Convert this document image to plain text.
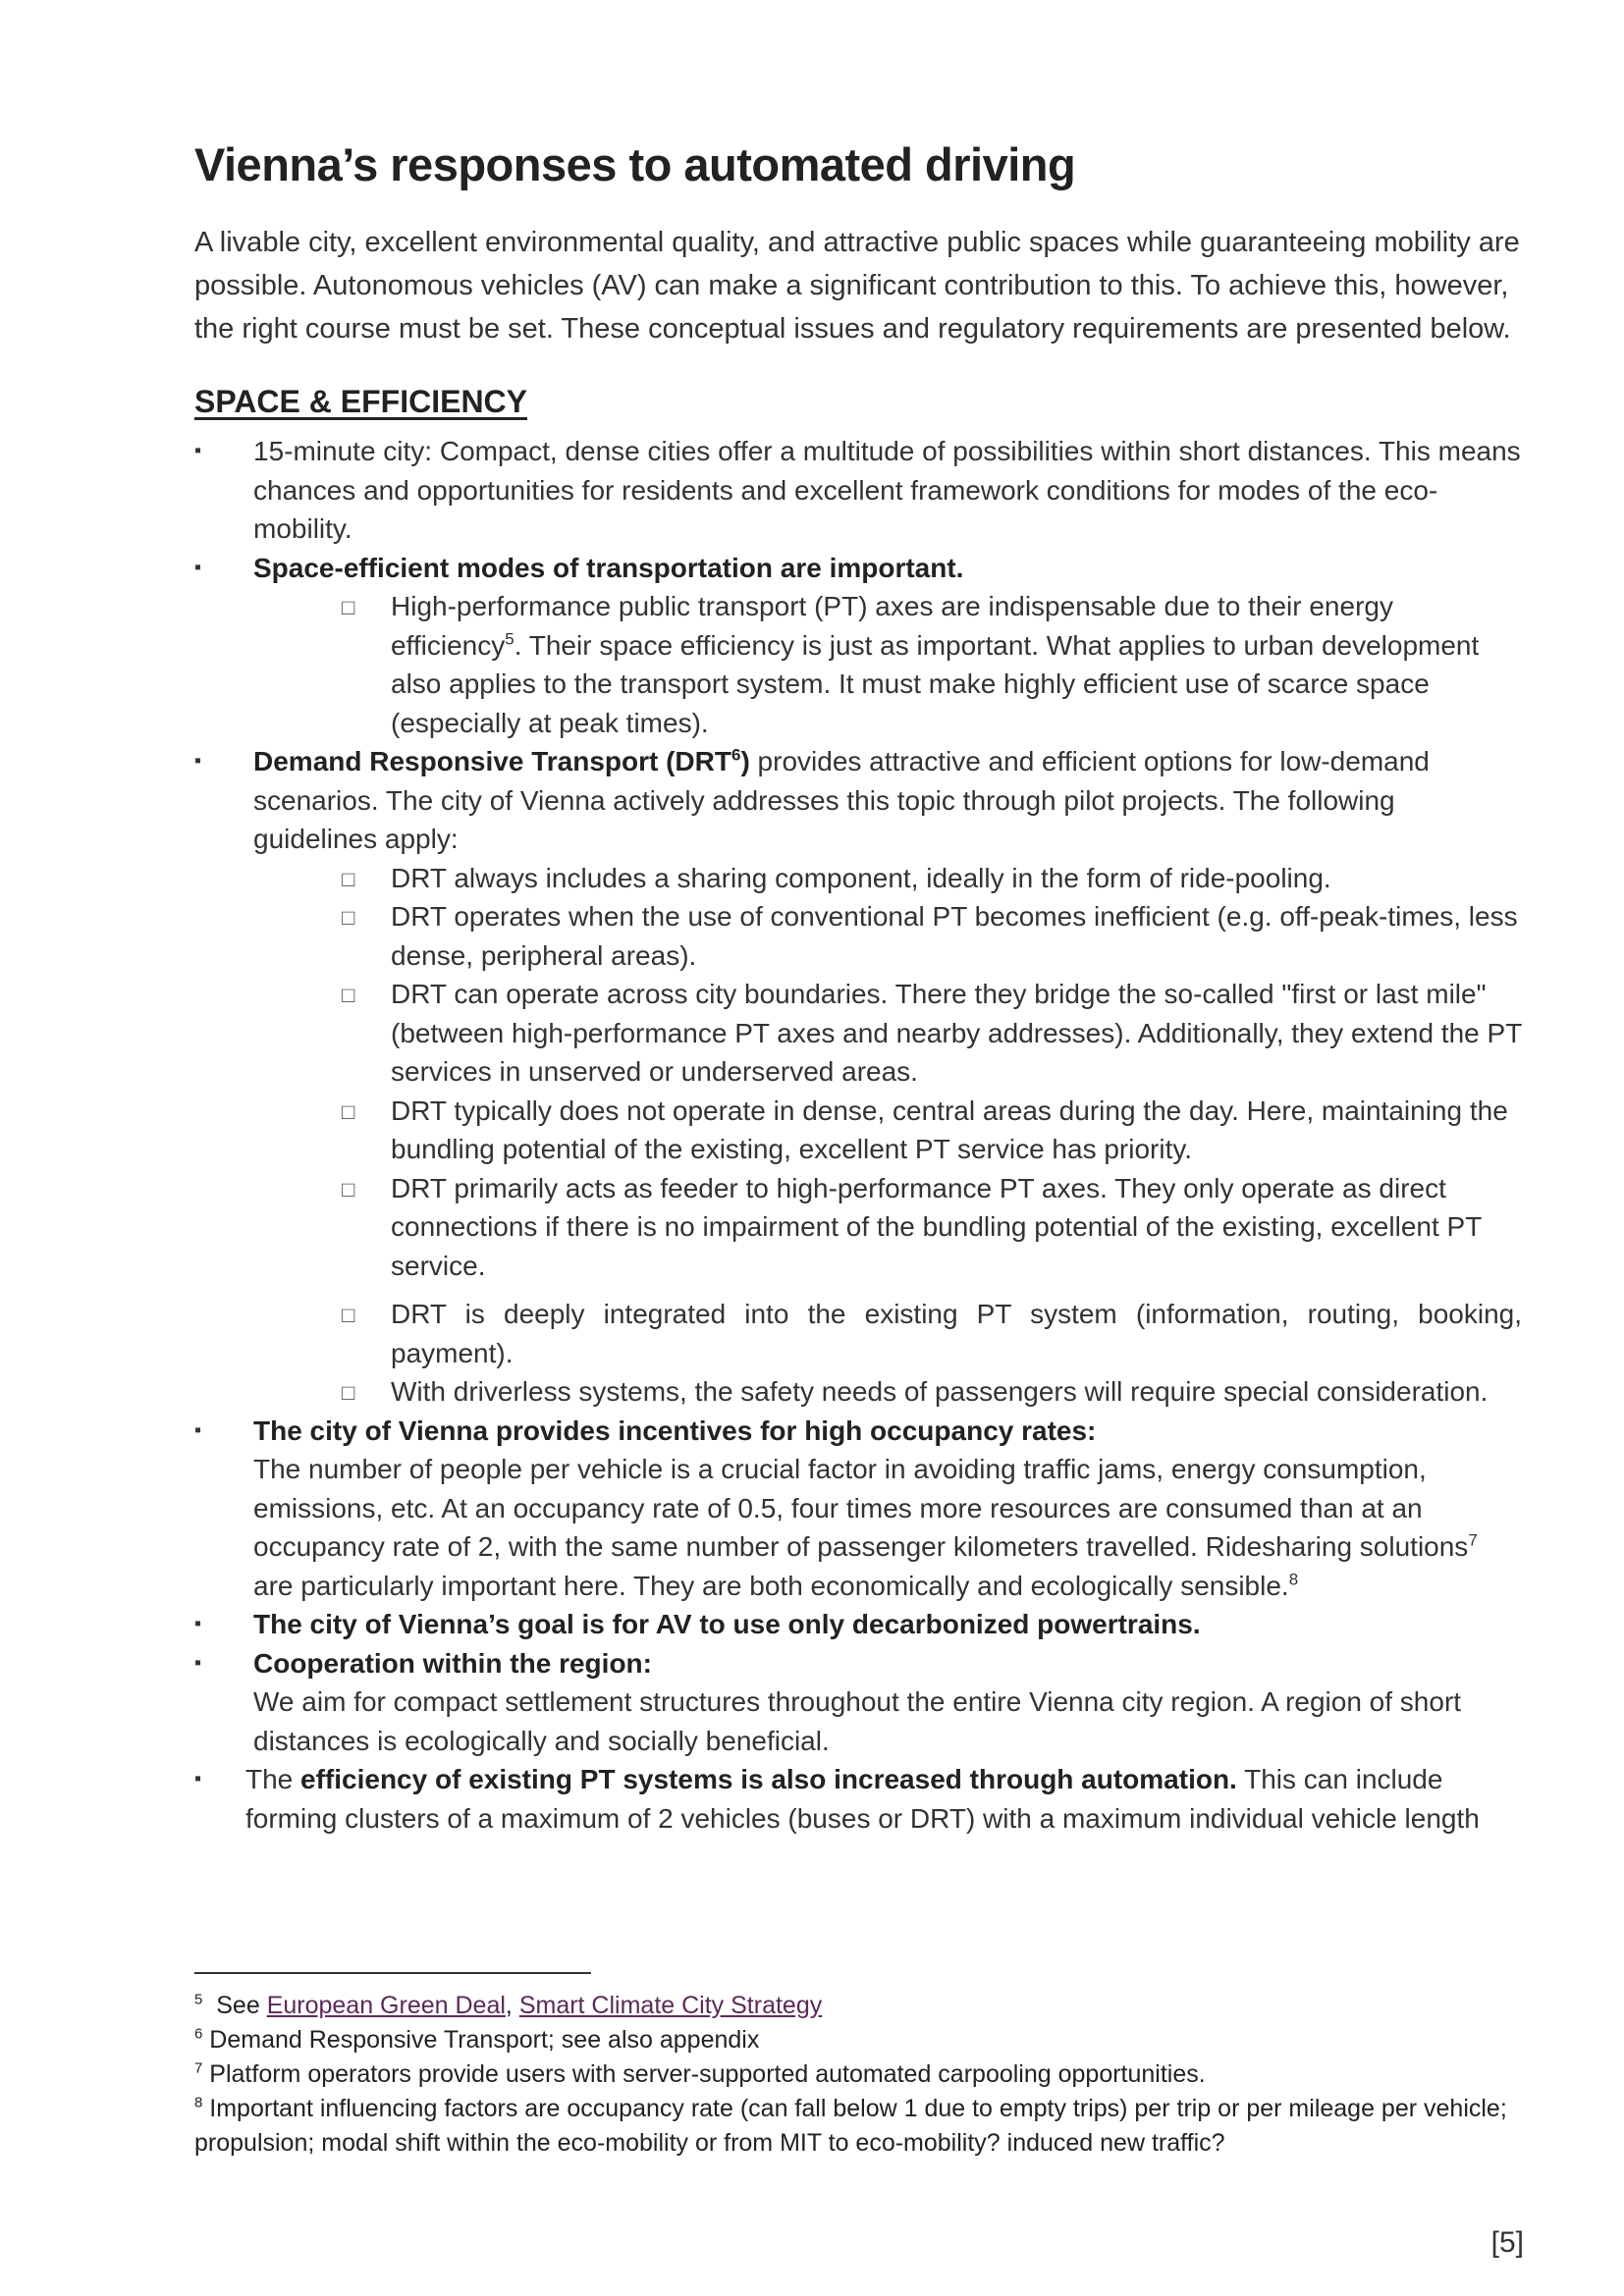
Vienna’s responses to automated driving

A livable city, excellent environmental quality, and attractive public spaces while guaranteeing mobility are possible. Autonomous vehicles (AV) can make a significant contribution to this. To achieve this, however, the right course must be set. These conceptual issues and regulatory requirements are presented below.

SPACE & EFFICIENCY
▪ 15-minute city: Compact, dense cities offer a multitude of possibilities within short distances. This means chances and opportunities for residents and excellent framework conditions for modes of the eco-mobility.
▪ Space-efficient modes of transportation are important.
□ High-performance public transport (PT) axes are indispensable due to their energy efficiency$^5$. Their space efficiency is just as important. What applies to urban development also applies to the transport system. It must make highly efficient use of scarce space (especially at peak times).
▪ Demand Responsive Transport (DRT$^6$) provides attractive and efficient options for low-demand scenarios. The city of Vienna actively addresses this topic through pilot projects. The following guidelines apply:
□ DRT always includes a sharing component, ideally in the form of ride-pooling.
□ DRT operates when the use of conventional PT becomes inefficient (e.g. off-peak-times, less dense, peripheral areas).
□ DRT can operate across city boundaries. There they bridge the so-called "first or last mile" (between high-performance PT axes and nearby addresses). Additionally, they extend the PT services in unserved or underserved areas.
□ DRT typically does not operate in dense, central areas during the day. Here, maintaining the bundling potential of the existing, excellent PT service has priority.
□ DRT primarily acts as feeder to high-performance PT axes. They only operate as direct connections if there is no impairment of the bundling potential of the existing, excellent PT service.
□ DRT is deeply integrated into the existing PT system (information, routing, booking, payment).
□ With driverless systems, the safety needs of passengers will require special consideration.
▪ The city of Vienna provides incentives for high occupancy rates:
The number of people per vehicle is a crucial factor in avoiding traffic jams, energy consumption, emissions, etc. At an occupancy rate of 0.5, four times more resources are consumed than at an occupancy rate of 2, with the same number of passenger kilometers travelled. Ridesharing solutions$^7$ are particularly important here. They are both economically and ecologically sensible.$^8$
▪ The city of Vienna’s goal is for AV to use only decarbonized powertrains.
▪ Cooperation within the region:
We aim for compact settlement structures throughout the entire Vienna city region. A region of short distances is ecologically and socially beneficial.
▪ The efficiency of existing PT systems is also increased through automation. This can include forming clusters of a maximum of 2 vehicles (buses or DRT) with a maximum individual vehicle length
$^5$ See European Green Deal, Smart Climate City Strategy
$^6$ Demand Responsive Transport; see also appendix
$^7$ Platform operators provide users with server-supported automated carpooling opportunities.
$^8$ Important influencing factors are occupancy rate (can fall below 1 due to empty trips) per trip or per mileage per vehicle; propulsion; modal shift within the eco-mobility or from MIT to eco-mobility? induced new traffic?
[5]
